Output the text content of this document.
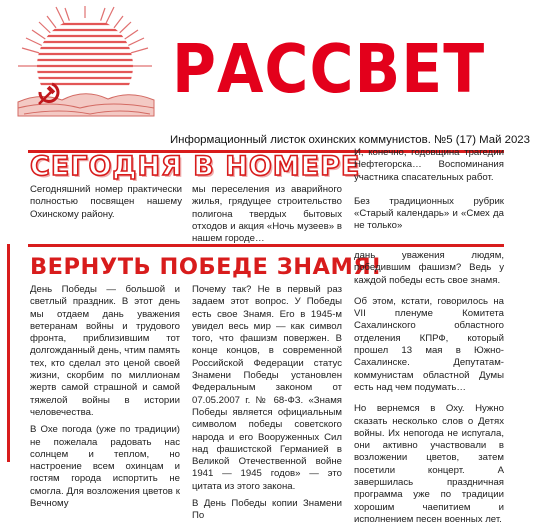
РАССВЕТ
Информационный листок охинских коммунистов. №5 (17) Май 2023
СЕГОДНЯ В НОМЕРЕ

Сегодняшний номер практически полностью посвящен нашему Охинскому району.

мы переселения из аварийного жилья, грядущее строительство полигона твердых бытовых отходов и акция «Ночь музеев» в нашем городе…

И, конечно, годовщина трагедии Нефтегорска… Воспоминания участника спасательных работ.

Без традиционных рубрик «Старый календарь» и «Смех да не только»

ВЕРНУТЬ ПОБЕДЕ ЗНАМЯ!

День Победы — большой и светлый праздник. В этот день мы отдаем дань уважения ветеранам войны и трудового фронта, приблизившим тот долгожданный день, чтим память тех, кто сделал это ценой своей жизни, скорбим по миллионам жертв самой страшной и самой тяжелой войны в истории человечества.

В Охе погода (уже по традиции) не пожелала радовать нас солнцем и теплом, но настроение всем охинцам и гостям города испортить не смогла. Для возложения цветов к Вечному

Почему так? Не в первый раз задаем этот вопрос. У Победы есть свое Знамя. Его в 1945-м увидел весь мир — как символ того, что фашизм повержен. В конце концов, в современной Российской Федерации статус Знамени Победы установлен Федеральным законом от 07.05.2007 г. № 68-ФЗ. «Знамя Победы является официальным символом победы советского народа и его Вооруженных Сил над фашистской Германией в Великой Отечественной войне 1941 — 1945 годов» — это цитата из этого закона.

В День Победы копии Знамени По

дань уважения людям, победившим фашизм? Ведь у каждой победы есть свое знамя.

Об этом, кстати, говорилось на VII пленуме Комитета Сахалинского областного отделения КПРФ, который прошел 13 мая в Южно-Сахалинске. Депутатам-коммунистам областной Думы есть над чем подумать…

Но вернемся в Оху. Нужно сказать несколько слов о Детях войны. Их непогода не испугала, они активно участвовали в возложении цветов, затем посетили концерт. А завершилась праздничная программа уже по традиции хорошим чаепитием и исполнением песен военных лет.
